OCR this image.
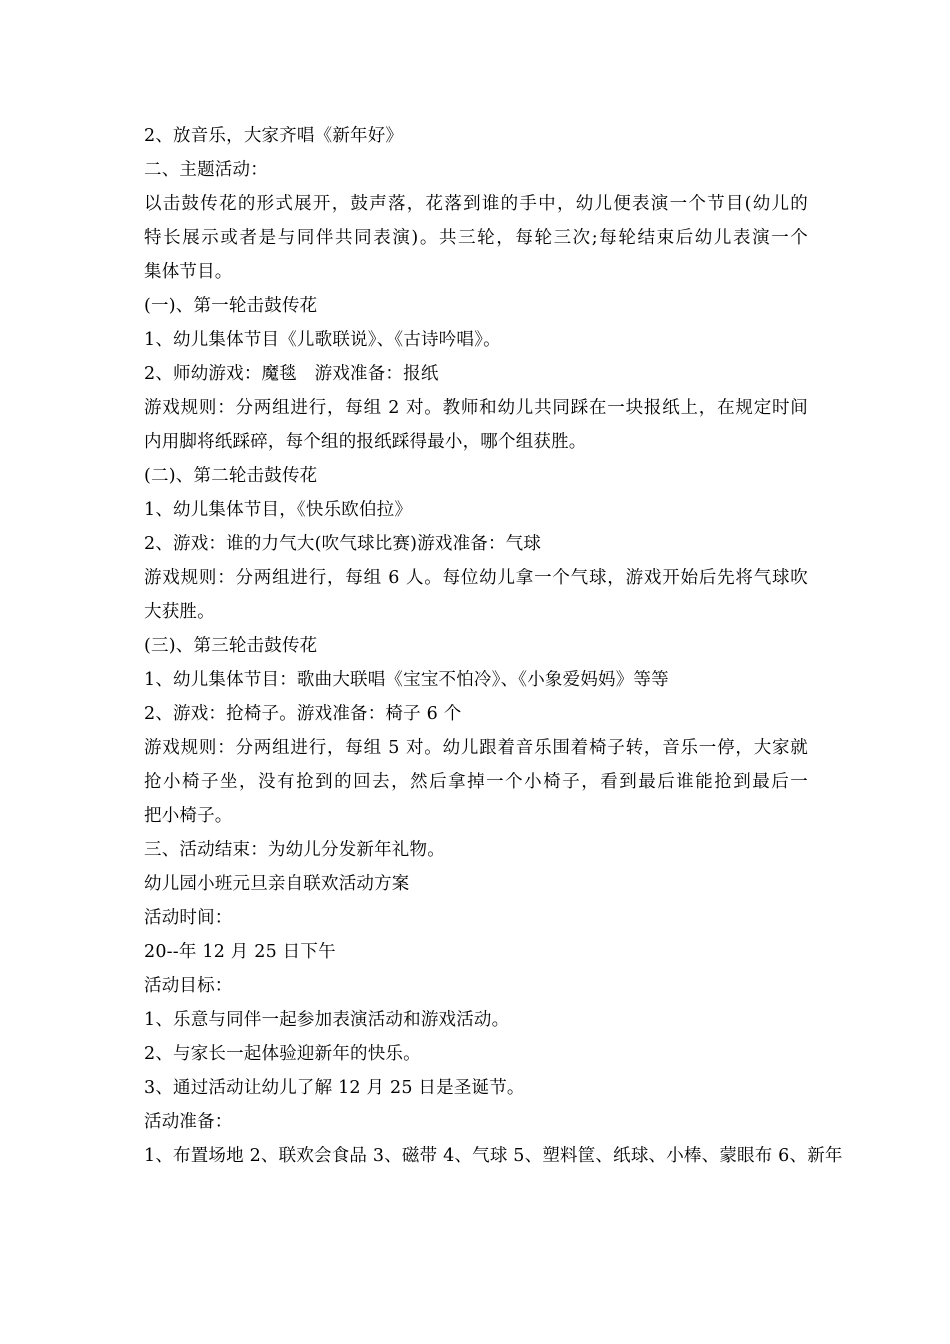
2、放音乐，大家齐唱《新年好》
二、主题活动：
以击鼓传花的形式展开，鼓声落，花落到谁的手中，幼儿便表演一个节目(幼儿的
特长展示或者是与同伴共同表演)。共三轮，每轮三次;每轮结束后幼儿表演一个
集体节目。
(一)、第一轮击鼓传花
1、幼儿集体节目《儿歌联说》、《古诗吟唱》。
2、师幼游戏：魔毯　游戏准备：报纸
游戏规则：分两组进行，每组 2 对。教师和幼儿共同踩在一块报纸上，在规定时间
内用脚将纸踩碎，每个组的报纸踩得最小，哪个组获胜。
(二)、第二轮击鼓传花
1、幼儿集体节目，《快乐欧伯拉》
2、游戏：谁的力气大(吹气球比赛)游戏准备：气球
游戏规则：分两组进行，每组 6 人。每位幼儿拿一个气球，游戏开始后先将气球吹
大获胜。
(三)、第三轮击鼓传花
1、幼儿集体节目：歌曲大联唱《宝宝不怕冷》、《小象爱妈妈》等等
2、游戏：抢椅子。游戏准备：椅子 6 个
游戏规则：分两组进行，每组 5 对。幼儿跟着音乐围着椅子转，音乐一停，大家就
抢小椅子坐，没有抢到的回去，然后拿掉一个小椅子，看到最后谁能抢到最后一
把小椅子。
三、活动结束：为幼儿分发新年礼物。
幼儿园小班元旦亲自联欢活动方案
活动时间：
20--年 12 月 25 日下午
活动目标：
1、乐意与同伴一起参加表演活动和游戏活动。
2、与家长一起体验迎新年的快乐。
3、通过活动让幼儿了解 12 月 25 日是圣诞节。
活动准备：
1、布置场地 2、联欢会食品 3、磁带 4、气球 5、塑料筐、纸球、小棒、蒙眼布 6、新年
